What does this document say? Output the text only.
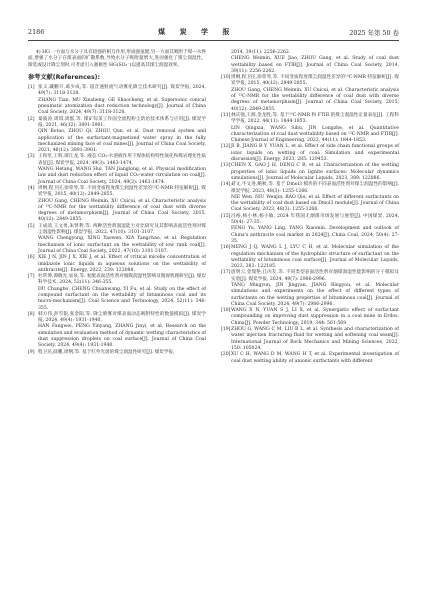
2186	煤 炭 学 报	2025 年第 50 卷

4) HG 一方面与水分子具有较强的相互作用,形成强氢键,另一方面其吸附于煤—水界面,增强了水分子在煤表面的扩散系数,导致水分子吸附量增大,进而强化了煤尘润湿性。缔选或设计降尘剂时,可考虑引入强极性 HG(SO₃⁻)以提高其煤尘润湿效率。

参考文献(References):
[1] 张义,藏鹏升,葛少成,等. 超音速射流气动雾化降尘技术研究[J]. 煤炭学报, 2024, 49(7): 3118-3128.

ZHANG Tian, MU Xinsheng, GE Shaocheng, et al. Supersonic conical pneumatic atomization dust reduction technology[J]. Journal of China Coal Society, 2024, 49(7): 3118-3128.

[2] 秦波涛,周琪,周群,等. 煤矿综采工作面全流程粉尘防治技术体系与应用[J]. 煤炭学报, 2021, 46(12): 3891-3901.

QIN Botao, ZHOU Qi, ZHOU Qun, et al. Dust removal system and application of the surfactant-magnetized water spray in the fully mechanized mining face of coal mines[J]. Journal of China Coal Society, 2021, 46(12): 3891-3901.

[3] 王和堂,王辉,谭江龙,等. 液态 CO₂-水溶液作用下煤体结构特性演化和煤岩理化性质表征[J]. 煤炭学报, 2024, 49(3): 1463-1474.

WANG Hetang, WANG Hui, TAN Jianglong, et al. Physical modification law and dust reduction effect of liquid CO₂-water circulation on coal[J]. Journal of China Coal Society, 2024, 49(3): 1463-1474.

[4] 周纲,程卫民,徐荣琴,等. 不同变质程度煤尘润湿性差异的¹³C-NMR 特征解析[J]. 煤炭学报, 2015, 40(12): 2849-2855.

ZHOU Gang, CHENG Weimin, XU Cuicui, et al. Characteristic analysis of ¹³C-NMR for the wettability difference of coal dust with diverse degrees of metamorphism[J]. Journal of China Coal Society, 2015, 40(12): 2849-2855.

[5] 王成清,王文勇,朱贤利,等. 两种活性剂润湿能力对比研究及其影响表面活性剂对煤尘润湿性影响[J]. 煤炭学报, 2022, 47(10): 3101-3107.

WANG Chengyong, XING Yaowen, XIA Yangchao, et al. Regulation mechanism of ionic surfactant on the wettability of low rank coal[J]. Journal of China Coal Society, 2022, 47(10): 3101-3107.

[6] XIE J N, JIN J X, XIE J, et al. Effect of critical micelle concentration of imidazole ionic liquids in aqueous solutions on the wettability of anthracite[J]. Energy, 2022, 239: 122088.

[7] 杜常博,谭晓光,易泉,等. 复配表面活性剂对烟煤润湿性影响及微观机理研究[J]. 煤炭科学技术, 2024, 52(11): 346-355.

DU Changbo, CHENG Chuanwang, YI Fu, et al. Study on the effect of compound surfactant on the wettability of bituminous coal and its micro-mechanism[J]. Coal Science and Technology, 2024, 52(11): 346-355.

[8] 韩方伟,彭雪银,张金阳,等. 降尘喷雾对煤表面动态吸附特性的数值模拟[J]. 煤炭学报, 2024, 49(4): 1931-1940.

HAN Fangwei, PENG Yinyang, ZHANG Jinyi, et al. Research on the simulation and evaluation method of dynamic wetting characteristics of dust suppression droplets on coal surface[J]. Journal of China Coal Society, 2024, 49(4): 1931-1940.

[9] 程卫民,薛鹏,周纲,等. 基于红外光谱的煤尘润湿性研究[J]. 煤炭学报,

2014, 39(11): 2256-2262.

CHENG Weimin, XUE Jiao, ZHOU Gang, et al. Study of coal dust wettability based on FTIR[J]. Journal of China Coal Society, 2014, 39(11): 2256-2262.

[10] 周纲,程卫民,徐荣琴,等. 不同变质程度煤尘润湿性差异的¹³C-NMR 特征解析[J]. 煤炭学报, 2015, 40(12): 2849-2855.

ZHOU Gang, CHENG Weimin, XU Cuicui, et al. Characteristic analysis of ¹³C-NMR for the wettability difference of coal dust with diverse degrees of metamorphism[J]. Journal of China Coal Society, 2015, 40(12): 2849-2855.

[11] 林庆强,王源,金龙胜,等. 基于¹³C-NMR 和 FTIR 的煤尘润湿性定量表征[J]. 工程科学学报, 2022, 44(11): 1844-1853.

LIN Qingxia, WANG Sihu, JIN Longzhe, et al. Quantitative characterization of coal dust wettability based on ¹³C-NMR and FTIR[J]. Chinese Journal of Engineering, 2022, 44(11): 1844-1853.

[12] JI B, JIANG B Y, YUAN L, et al. Effect of side chain functional groups of ionic liquids on wetting of coal: Simulation and experimental discussion[J]. Energy, 2023, 285: 129453.

[13] CHEN X, GAO J H, DENG C B, et al. Characterization of the wetting properties of ionic liquids on lignite surfaces: Molecular dynamics simulations[J]. Journal of Molecular Liquids, 2023, 389: 122886.

[14] 聂文,牛文进,鲍秋,等. 基于 Dmol3 模块的不同表面活性剂对煤尘润湿性的影响[J]. 煤炭学报, 2023, 48(3): 1255-1266.

NIE Wen, NIU Wenjin, BAO Qiu, et al. Effect of different surfactants on the wettability of coal dust based on Dmol3 module[J]. Journal of China Coal Society, 2023, 48(3): 1255-1266.

[15] 冯裕,杨小林,杨小敏. 2024 年我国无烟煤市场发展与展望[J]. 中国煤炭, 2024, 50(4): 27-35.

FENG Yu, YANG Ling, YANG Xiaomin. Development and outlook of China's anthracite coal market in 2024[J]. China Coal, 2024, 50(4): 27-35.

[16] MENG J Q, WANG L J, LYU C H, et al. Molecular simulation of the regulation mechanism of the hydrophilic structure of surfactant on the wettability of bituminous coal surface[J]. Journal of Molecular Liquids, 2023, 383: 122185.

[17] 唐明云,金瑞艳,江丙友,等. 不同类型表面活性剂对烟煤润湿性能影响的分子模拟及实验[J]. 煤炭学报, 2024, 49(7): 2986-2996.

TANG Mingyun, JIN Jingyan, JIANG Bingyou, et al. Molecular simulations and experiments on the effect of different types of surfactants on the wetting properties of bituminous coal[J]. Journal of China Coal Society, 2024, 49(7): 2986-2996.

[18] WANG X N, YUAN S J, LI X, et al. Synergistic effect of surfactant compounding on improving dust suppression in a coal mine in Erdos, China[J]. Powder Technology, 2019, 344: 561-569.

[19] ZHOU G, WANG C M, LIU R L, et al. Synthesis and characterization of water injection fracturing fluid for wetting and softening coal seam[J]. International Journal of Rock Mechanics and Mining Sciences, 2022, 150: 105024.

[20] XU C H, WANG D M, WANG H T, et al. Experimental investigation of coal dust wetting ability of anionic surfactants with different
